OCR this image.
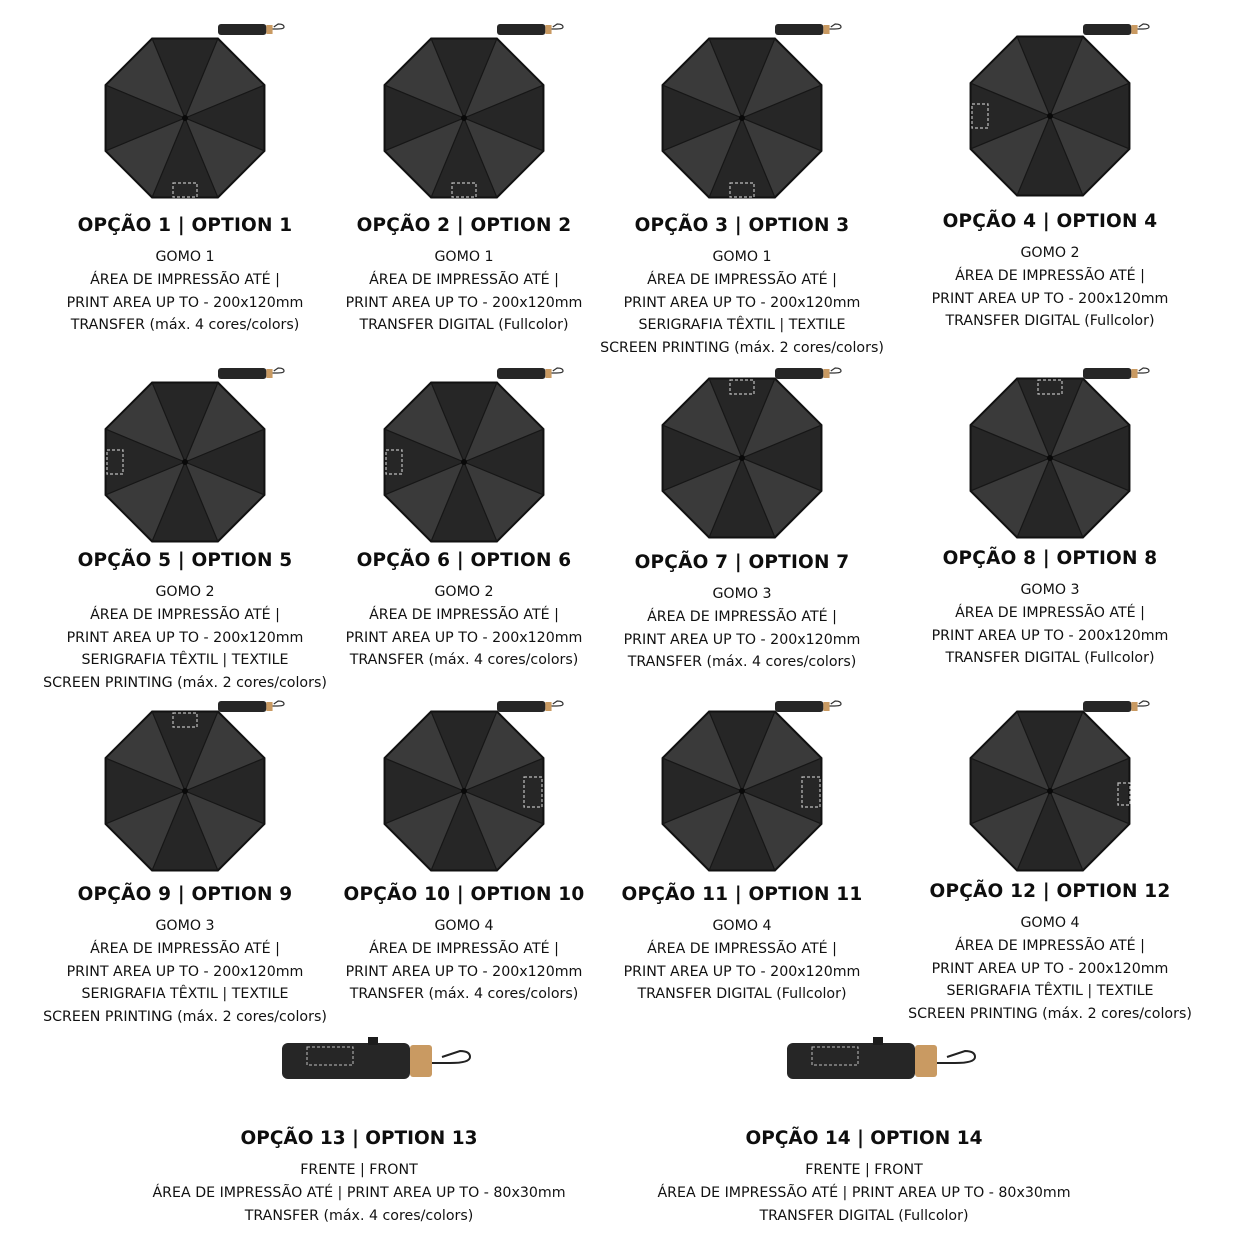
OPÇÃO 1 | OPTION 1
GOMO 1
ÁREA DE IMPRESSÃO ATÉ |
PRINT AREA UP TO - 200x120mm
TRANSFER (máx. 4 cores/colors)
OPÇÃO 2 | OPTION 2
GOMO 1
ÁREA DE IMPRESSÃO ATÉ |
PRINT AREA UP TO - 200x120mm
TRANSFER DIGITAL (Fullcolor)
OPÇÃO 3 | OPTION 3
GOMO 1
ÁREA DE IMPRESSÃO ATÉ |
PRINT AREA UP TO - 200x120mm
SERIGRAFIA TÊXTIL | TEXTILE
SCREEN PRINTING (máx. 2 cores/colors)
OPÇÃO 4 | OPTION 4
GOMO 2
ÁREA DE IMPRESSÃO ATÉ |
PRINT AREA UP TO - 200x120mm
TRANSFER DIGITAL (Fullcolor)
OPÇÃO 5 | OPTION 5
GOMO 2
ÁREA DE IMPRESSÃO ATÉ |
PRINT AREA UP TO - 200x120mm
SERIGRAFIA TÊXTIL | TEXTILE
SCREEN PRINTING (máx. 2 cores/colors)
OPÇÃO 6 | OPTION 6
GOMO 2
ÁREA DE IMPRESSÃO ATÉ |
PRINT AREA UP TO - 200x120mm
TRANSFER (máx. 4 cores/colors)
OPÇÃO 7 | OPTION 7
GOMO 3
ÁREA DE IMPRESSÃO ATÉ |
PRINT AREA UP TO - 200x120mm
TRANSFER (máx. 4 cores/colors)
OPÇÃO 8 | OPTION 8
GOMO 3
ÁREA DE IMPRESSÃO ATÉ |
PRINT AREA UP TO - 200x120mm
TRANSFER DIGITAL (Fullcolor)
OPÇÃO 9 | OPTION 9
GOMO 3
ÁREA DE IMPRESSÃO ATÉ |
PRINT AREA UP TO - 200x120mm
SERIGRAFIA TÊXTIL | TEXTILE
SCREEN PRINTING (máx. 2 cores/colors)
OPÇÃO 10 | OPTION 10
GOMO 4
ÁREA DE IMPRESSÃO ATÉ |
PRINT AREA UP TO - 200x120mm
TRANSFER (máx. 4 cores/colors)
OPÇÃO 11 | OPTION 11
GOMO 4
ÁREA DE IMPRESSÃO ATÉ |
PRINT AREA UP TO - 200x120mm
TRANSFER DIGITAL (Fullcolor)
OPÇÃO 12 | OPTION 12
GOMO 4
ÁREA DE IMPRESSÃO ATÉ |
PRINT AREA UP TO - 200x120mm
SERIGRAFIA TÊXTIL | TEXTILE
SCREEN PRINTING (máx. 2 cores/colors)
OPÇÃO 13 | OPTION 13
FRENTE | FRONT
ÁREA DE IMPRESSÃO ATÉ | PRINT AREA UP TO - 80x30mm
TRANSFER (máx. 4 cores/colors)
OPÇÃO 14 | OPTION 14
FRENTE | FRONT
ÁREA DE IMPRESSÃO ATÉ | PRINT AREA UP TO - 80x30mm
TRANSFER DIGITAL (Fullcolor)
